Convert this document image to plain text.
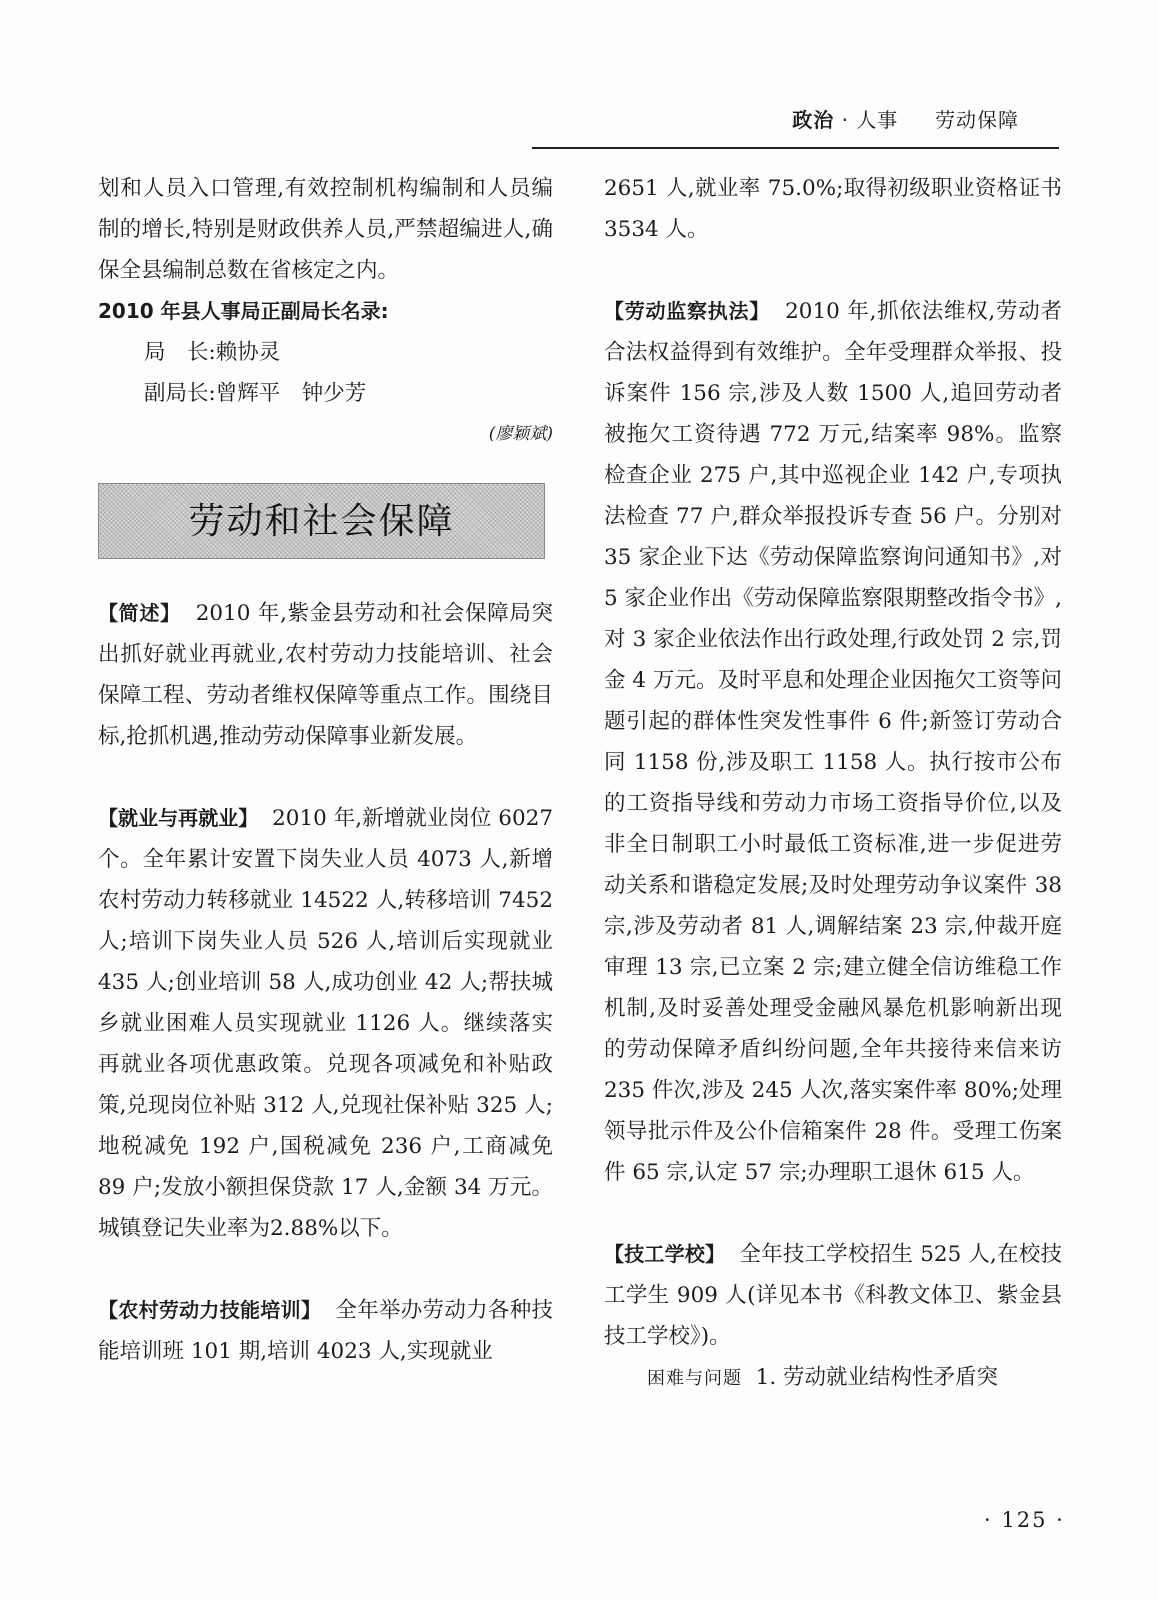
政治 · 人事 劳动保障

划和人员入口管理,有效控制机构编制和人员编制的增长,特别是财政供养人员,严禁超编进人,确保全县编制总数在省核定之内。

2010 年县人事局正副局长名录:

局　长:赖协灵

副局长:曾辉平　钟少芳

(廖颖斌)

劳动和社会保障

【简述】 2010 年,紫金县劳动和社会保障局突出抓好就业再就业,农村劳动力技能培训、社会保障工程、劳动者维权保障等重点工作。围绕目标,抢抓机遇,推动劳动保障事业新发展。

【就业与再就业】 2010 年,新增就业岗位 6027 个。全年累计安置下岗失业人员 4073 人,新增农村劳动力转移就业 14522 人,转移培训 7452 人;培训下岗失业人员 526 人,培训后实现就业 435 人;创业培训 58 人,成功创业 42 人;帮扶城乡就业困难人员实现就业 1126 人。继续落实再就业各项优惠政策。兑现各项减免和补贴政策,兑现岗位补贴 312 人,兑现社保补贴 325 人;地税减免 192 户,国税减免 236 户,工商减免 89 户;发放小额担保贷款 17 人,金额 34 万元。城镇登记失业率为2.88%以下。

【农村劳动力技能培训】 全年举办劳动力各种技能培训班 101 期,培训 4023 人,实现就业

2651 人,就业率 75.0%;取得初级职业资格证书 3534 人。

【劳动监察执法】 2010 年,抓依法维权,劳动者合法权益得到有效维护。全年受理群众举报、投诉案件 156 宗,涉及人数 1500 人,追回劳动者被拖欠工资待遇 772 万元,结案率 98%。监察检查企业 275 户,其中巡视企业 142 户,专项执法检查 77 户,群众举报投诉专查 56 户。分别对 35 家企业下达《劳动保障监察询问通知书》,对 5 家企业作出《劳动保障监察限期整改指令书》,对 3 家企业依法作出行政处理,行政处罚 2 宗,罚金 4 万元。及时平息和处理企业因拖欠工资等问题引起的群体性突发性事件 6 件;新签订劳动合同 1158 份,涉及职工 1158 人。执行按市公布的工资指导线和劳动力市场工资指导价位,以及非全日制职工小时最低工资标准,进一步促进劳动关系和谐稳定发展;及时处理劳动争议案件 38 宗,涉及劳动者 81 人,调解结案 23 宗,仲裁开庭审理 13 宗,已立案 2 宗;建立健全信访维稳工作机制,及时妥善处理受金融风暴危机影响新出现的劳动保障矛盾纠纷问题,全年共接待来信来访 235 件次,涉及 245 人次,落实案件率 80%;处理领导批示件及公仆信箱案件 28 件。受理工伤案件 65 宗,认定 57 宗;办理职工退休 615 人。

【技工学校】 全年技工学校招生 525 人,在校技工学生 909 人(详见本书《科教文体卫、紫金县技工学校》)。

困难与问题 1. 劳动就业结构性矛盾突

· 125 ·
